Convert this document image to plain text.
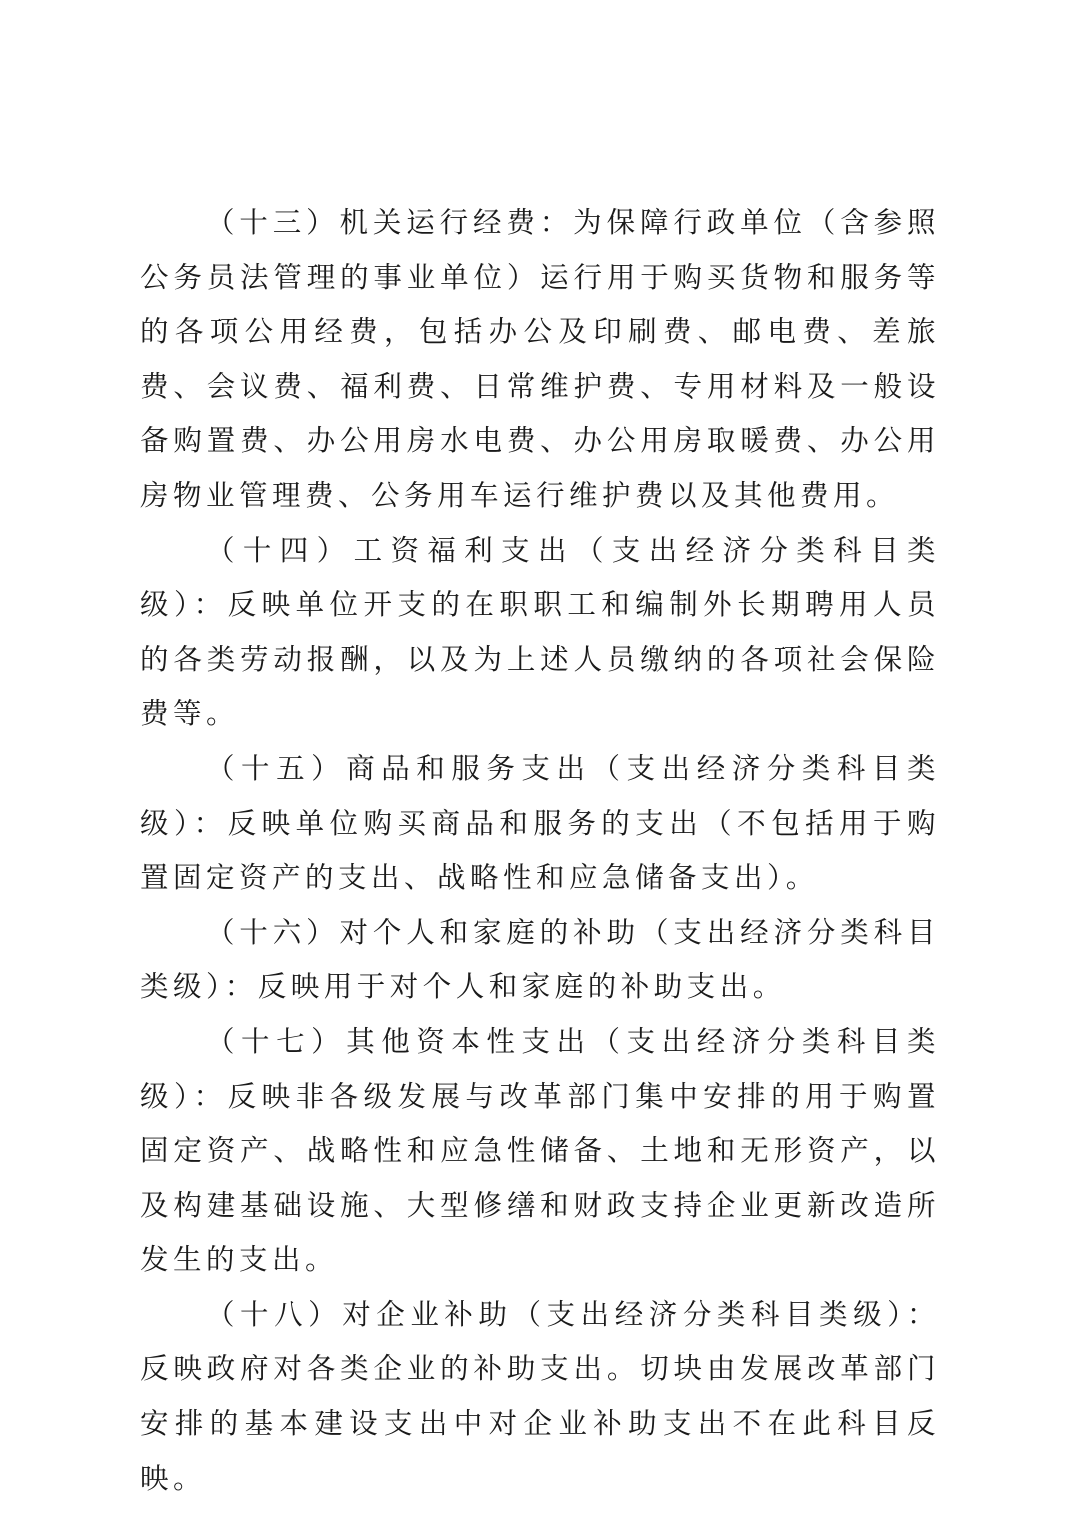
（十三）机关运行经费：为保障行政单位（含参照公务员法管理的事业单位）运行用于购买货物和服务等的各项公用经费，包括办公及印刷费、邮电费、差旅费、会议费、福利费、日常维护费、专用材料及一般设备购置费、办公用房水电费、办公用房取暖费、办公用房物业管理费、公务用车运行维护费以及其他费用。

（十四）工资福利支出（支出经济分类科目类级）：反映单位开支的在职职工和编制外长期聘用人员的各类劳动报酬，以及为上述人员缴纳的各项社会保险费等。

（十五）商品和服务支出（支出经济分类科目类级）：反映单位购买商品和服务的支出（不包括用于购置固定资产的支出、战略性和应急储备支出）。

（十六）对个人和家庭的补助（支出经济分类科目类级）：反映用于对个人和家庭的补助支出。

（十七）其他资本性支出（支出经济分类科目类级）：反映非各级发展与改革部门集中安排的用于购置固定资产、战略性和应急性储备、土地和无形资产，以及构建基础设施、大型修缮和财政支持企业更新改造所发生的支出。

（十八）对企业补助（支出经济分类科目类级）：反映政府对各类企业的补助支出。切块由发展改革部门安排的基本建设支出中对企业补助支出不在此科目反映。
